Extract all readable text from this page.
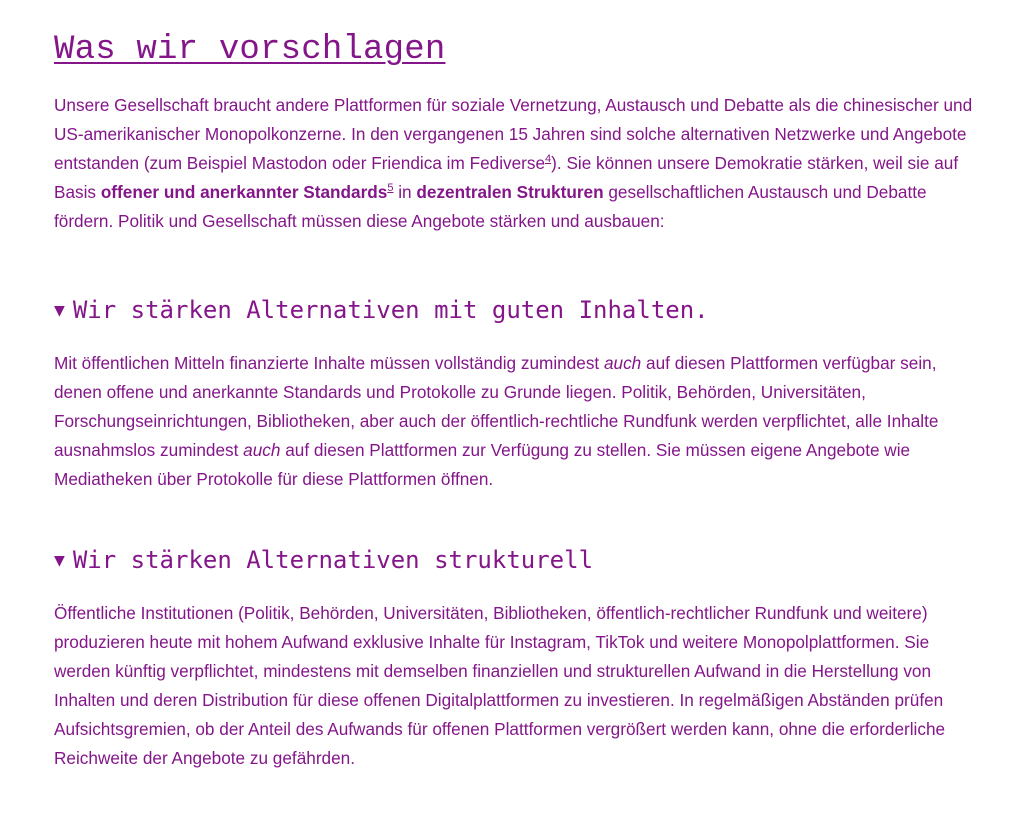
Was wir vorschlagen

Unsere Gesellschaft braucht andere Plattformen für soziale Vernetzung, Austausch und Debatte als die chinesischer und US-amerikanischer Monopolkonzerne. In den vergangenen 15 Jahren sind solche alternativen Netzwerke und Angebote entstanden (zum Beispiel Mastodon oder Friendica im Fediverse$^4$). Sie können unsere Demokratie stärken, weil sie auf Basis offener und anerkannter Standards$^5$ in dezentralen Strukturen gesellschaftlichen Austausch und Debatte fördern. Politik und Gesellschaft müssen diese Angebote stärken und ausbauen:

▼ Wir stärken Alternativen mit guten Inhalten.

Mit öffentlichen Mitteln finanzierte Inhalte müssen vollständig zumindest auch auf diesen Plattformen verfügbar sein, denen offene und anerkannte Standards und Protokolle zu Grunde liegen. Politik, Behörden, Universitäten, Forschungseinrichtungen, Bibliotheken, aber auch der öffentlich-rechtliche Rundfunk werden verpflichtet, alle Inhalte ausnahmslos zumindest auch auf diesen Plattformen zur Verfügung zu stellen. Sie müssen eigene Angebote wie Mediatheken über Protokolle für diese Plattformen öffnen.

▼ Wir stärken Alternativen strukturell

Öffentliche Institutionen (Politik, Behörden, Universitäten, Bibliotheken, öffentlich-rechtlicher Rundfunk und weitere) produzieren heute mit hohem Aufwand exklusive Inhalte für Instagram, TikTok und weitere Monopolplattformen. Sie werden künftig verpflichtet, mindestens mit demselben finanziellen und strukturellen Aufwand in die Herstellung von Inhalten und deren Distribution für diese offenen Digitalplattformen zu investieren. In regelmäßigen Abständen prüfen Aufsichtsgremien, ob der Anteil des Aufwands für offenen Plattformen vergrößert werden kann, ohne die erforderliche Reichweite der Angebote zu gefährden.
